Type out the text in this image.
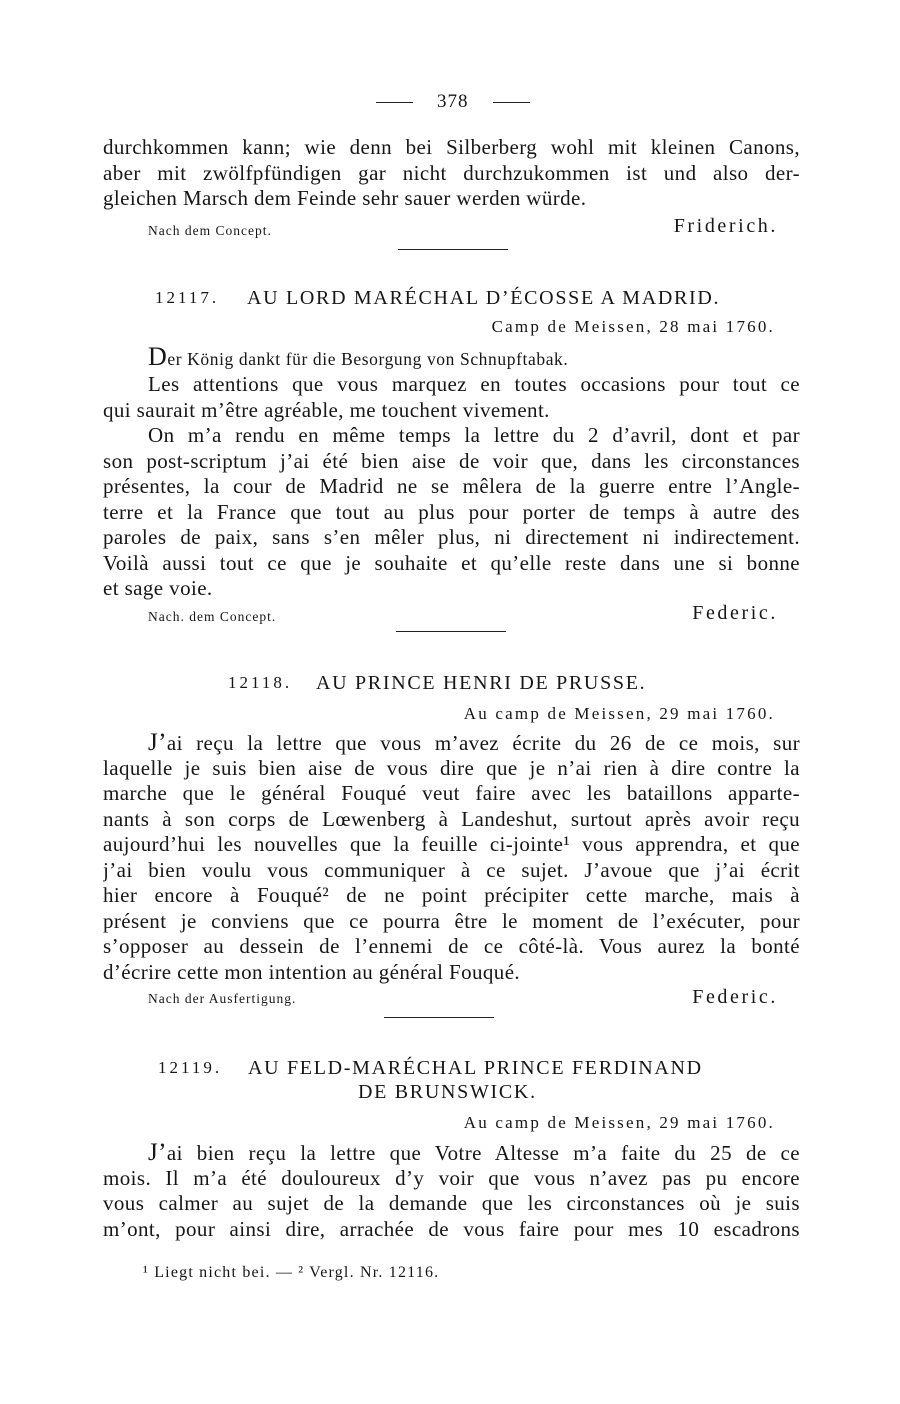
378
durchkommen kann; wie denn bei Silberberg wohl mit kleinen Canons,
aber mit zwölfpfündigen gar nicht durchzukommen ist und also der-
gleichen Marsch dem Feinde sehr sauer werden würde.
Nach dem Concept.	Friderich.
12117. AU LORD MARÉCHAL D’ÉCOSSE A MADRID.
Camp de Meissen, 28 mai 1760.
Der König dankt für die Besorgung von Schnupftabak.
Les attentions que vous marquez en toutes occasions pour tout ce
qui saurait m’être agréable, me touchent vivement.
On m’a rendu en même temps la lettre du 2 d’avril, dont et par
son post-scriptum j’ai été bien aise de voir que, dans les circonstances
présentes, la cour de Madrid ne se mêlera de la guerre entre l’Angle-
terre et la France que tout au plus pour porter de temps à autre des
paroles de paix, sans s’en mêler plus, ni directement ni indirectement.
Voilà aussi tout ce que je souhaite et qu’elle reste dans une si bonne
et sage voie.
Nach. dem Concept.	Federic.
12118. AU PRINCE HENRI DE PRUSSE.
Au camp de Meissen, 29 mai 1760.
J’ai reçu la lettre que vous m’avez écrite du 26 de ce mois, sur
laquelle je suis bien aise de vous dire que je n’ai rien à dire contre la
marche que le général Fouqué veut faire avec les bataillons apparte-
nants à son corps de Lœwenberg à Landeshut, surtout après avoir reçu
aujourd’hui les nouvelles que la feuille ci-jointe¹ vous apprendra, et que
j’ai bien voulu vous communiquer à ce sujet. J’avoue que j’ai écrit
hier encore à Fouqué² de ne point précipiter cette marche, mais à
présent je conviens que ce pourra être le moment de l’exécuter, pour
s’opposer au dessein de l’ennemi de ce côté-là. Vous aurez la bonté
d’écrire cette mon intention au général Fouqué.
Nach der Ausfertigung.	Federic.
12119. AU FELD-MARÉCHAL PRINCE FERDINAND
DE BRUNSWICK.
Au camp de Meissen, 29 mai 1760.
J’ai bien reçu la lettre que Votre Altesse m’a faite du 25 de ce
mois. Il m’a été douloureux d’y voir que vous n’avez pas pu encore
vous calmer au sujet de la demande que les circonstances où je suis
m’ont, pour ainsi dire, arrachée de vous faire pour mes 10 escadrons
¹ Liegt nicht bei. — ² Vergl. Nr. 12116.
